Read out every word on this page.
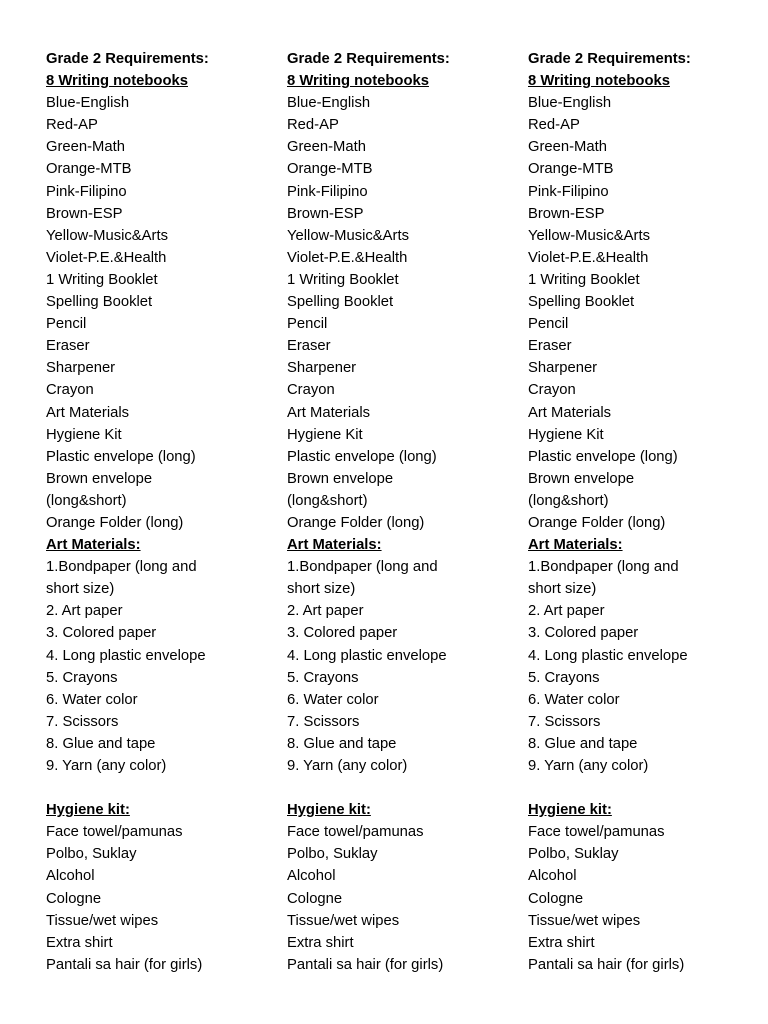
Grade 2 Requirements:
8 Writing notebooks
Blue-English
Red-AP
Green-Math
Orange-MTB
Pink-Filipino
Brown-ESP
Yellow-Music&Arts
Violet-P.E.&Health
1 Writing Booklet
Spelling Booklet
Pencil
Eraser
Sharpener
Crayon
Art Materials
Hygiene Kit
Plastic envelope (long)
Brown envelope
(long&short)
Orange Folder (long)
Art Materials:
1.Bondpaper (long and
short size)
2. Art paper
3. Colored paper
4. Long plastic envelope
5. Crayons
6. Water color
7. Scissors
8. Glue and tape
9. Yarn (any color)
Hygiene kit:
Face towel/pamunas
Polbo, Suklay
Alcohol
Cologne
Tissue/wet wipes
Extra shirt
Pantali sa hair (for girls)
Grade 2 Requirements:
8 Writing notebooks
Blue-English
Red-AP
Green-Math
Orange-MTB
Pink-Filipino
Brown-ESP
Yellow-Music&Arts
Violet-P.E.&Health
1 Writing Booklet
Spelling Booklet
Pencil
Eraser
Sharpener
Crayon
Art Materials
Hygiene Kit
Plastic envelope (long)
Brown envelope
(long&short)
Orange Folder (long)
Art Materials:
1.Bondpaper (long and
short size)
2. Art paper
3. Colored paper
4. Long plastic envelope
5. Crayons
6. Water color
7. Scissors
8. Glue and tape
9. Yarn (any color)
Hygiene kit:
Face towel/pamunas
Polbo, Suklay
Alcohol
Cologne
Tissue/wet wipes
Extra shirt
Pantali sa hair (for girls)
Grade 2 Requirements:
8 Writing notebooks
Blue-English
Red-AP
Green-Math
Orange-MTB
Pink-Filipino
Brown-ESP
Yellow-Music&Arts
Violet-P.E.&Health
1 Writing Booklet
Spelling Booklet
Pencil
Eraser
Sharpener
Crayon
Art Materials
Hygiene Kit
Plastic envelope (long)
Brown envelope
(long&short)
Orange Folder (long)
Art Materials:
1.Bondpaper (long and
short size)
2. Art paper
3. Colored paper
4. Long plastic envelope
5. Crayons
6. Water color
7. Scissors
8. Glue and tape
9. Yarn (any color)
Hygiene kit:
Face towel/pamunas
Polbo, Suklay
Alcohol
Cologne
Tissue/wet wipes
Extra shirt
Pantali sa hair (for girls)
